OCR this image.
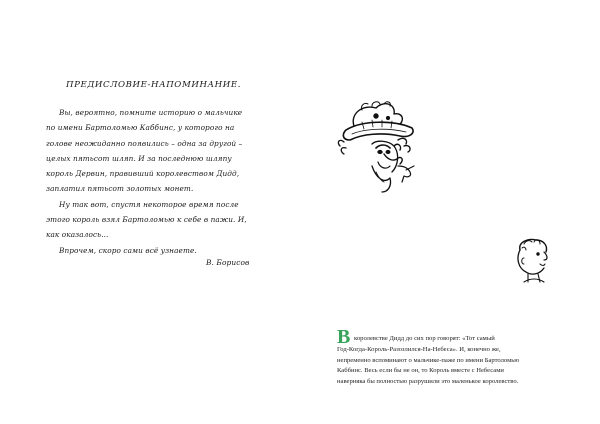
ПРЕДИСЛОВИЕ-НАПОМИНАНИЕ.
Вы, вероятно, помните историю о мальчике
по имени Бартоломью Каббинс, у которого на
голове неожиданно появились – одна за другой –
целых пятьсот шляп. И за последнюю шляпу
король Дервин, правивший королевством Дидд,
заплатил пятьсот золотых монет.
Ну так вот, спустя некоторое время после
этого король взял Бартоломью к себе в пажи. И,
как оказалось...
Впрочем, скоро сами всё узнаете.
В. Борисов
В королевстве Дидд до сих пор говорят: «Тот самый
Год-Когда-Король-Разозлился-На-Небеса». И, конечно же,
непременно вспоминают о мальчике-паже по имени Бартоломью
Каббинс. Весь если бы не он, то Король вместе с Небесами
наверняка бы полностью разрушили это маленькое королевство.
